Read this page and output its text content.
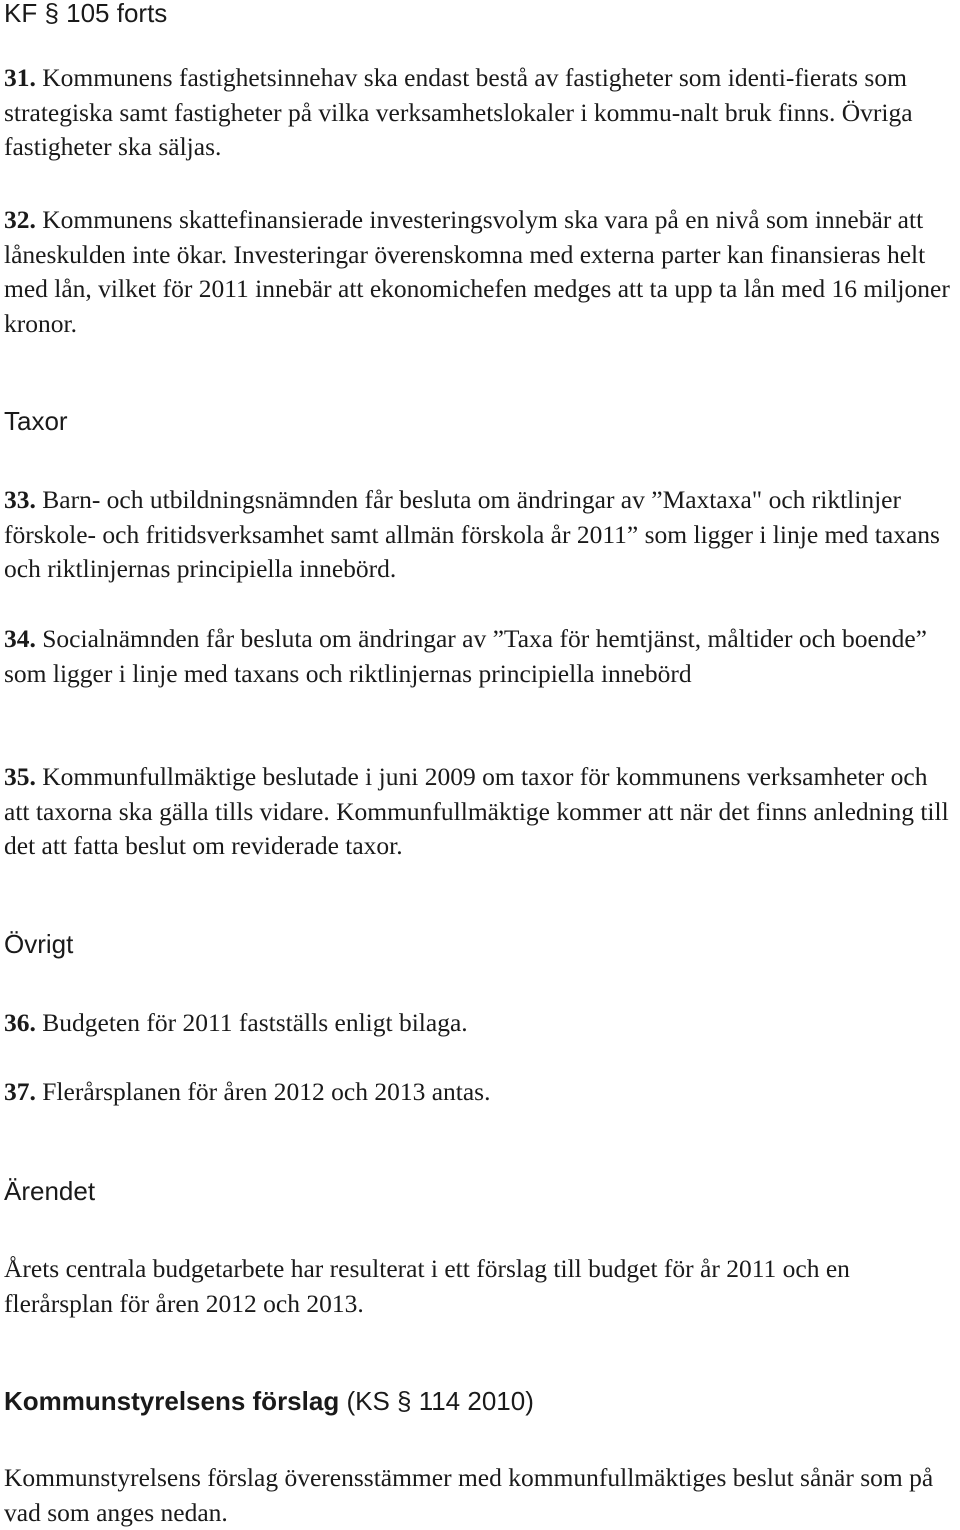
KF § 105 forts

31. Kommunens fastighetsinnehav ska endast bestå av fastigheter som identi-fierats som strategiska samt fastigheter på vilka verksamhetslokaler i kommu-nalt bruk finns. Övriga fastigheter ska säljas.

32. Kommunens skattefinansierade investeringsvolym ska vara på en nivå som innebär att låneskulden inte ökar. Investeringar överenskomna med externa parter kan finansieras helt med lån, vilket för 2011 innebär att ekonomichefen medges att ta upp ta lån med 16 miljoner kronor.

Taxor

33. Barn- och utbildningsnämnden får besluta om ändringar av ”Maxtaxa" och riktlinjer förskole- och fritidsverksamhet samt allmän förskola år 2011” som ligger i linje med taxans och riktlinjernas principiella innebörd.

34. Socialnämnden får besluta om ändringar av ”Taxa för hemtjänst, måltider och boende” som ligger i linje med taxans och riktlinjernas principiella innebörd

35. Kommunfullmäktige beslutade i juni 2009 om taxor för kommunens verksamheter och att taxorna ska gälla tills vidare. Kommunfullmäktige kommer att när det finns anledning till det att fatta beslut om reviderade taxor.

Övrigt

36. Budgeten för 2011 fastställs enligt bilaga.

37. Flerårsplanen för åren 2012 och 2013 antas.

Ärendet

Årets centrala budgetarbete har resulterat i ett förslag till budget för år 2011 och en flerårsplan för åren 2012 och 2013.

Kommunstyrelsens förslag (KS § 114 2010)

Kommunstyrelsens förslag överensstämmer med kommunfullmäktiges beslut sånär som på vad som anges nedan.
